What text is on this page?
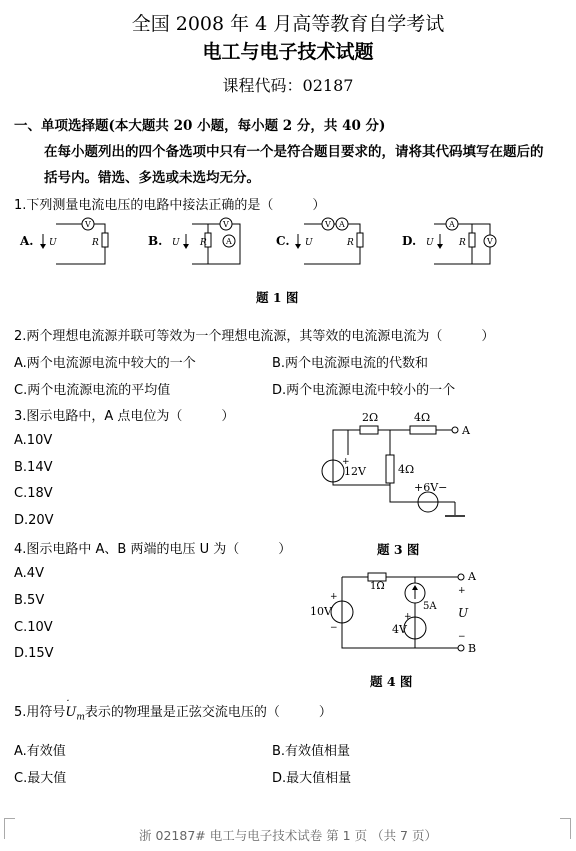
全国 2008 年 4 月高等教育自学考试
电工与电子技术试题
课程代码：02187
一、单项选择题(本大题共 20 小题，每小题 2 分，共 40 分)
在每小题列出的四个备选项中只有一个是符合题目要求的，请将其代码填写在题后的
括号内。错选、多选或未选均无分。
1.下列测量电流电压的电路中接法正确的是（　　　）
A. U
V
R	B. U
V
R A	C. U
V A
R	D. U
A
R	V
题 1 图
2.两个理想电流源并联可等效为一个理想电流源，其等效的电流源电流为（　　　）
A.两个电流源电流中较大的一个	B.两个电流源电流的代数和
C.两个电流源电流的平均值	D.两个电流源电流中较小的一个
3.图示电路中，A 点电位为（　　　）
A.10V
B.14V
C.18V
D.20V
2Ω	4Ω
A
+
12V	4Ω
+6V−
题 3 图
4.图示电路中 A、B 两端的电压 U 为（　　　）
A.4V
B.5V
C.10V
D.15V
+
10V
−
1Ω
A
B
+
U
−
5A
4V
+
题 4 图
5.用符号
·
$U_m$表示的物理量是正弦交流电压的（　　　）
A.有效值	B.有效值相量
C.最大值	D.最大值相量
浙 02187# 电工与电子技术试卷 第 1 页 （共 7 页）
